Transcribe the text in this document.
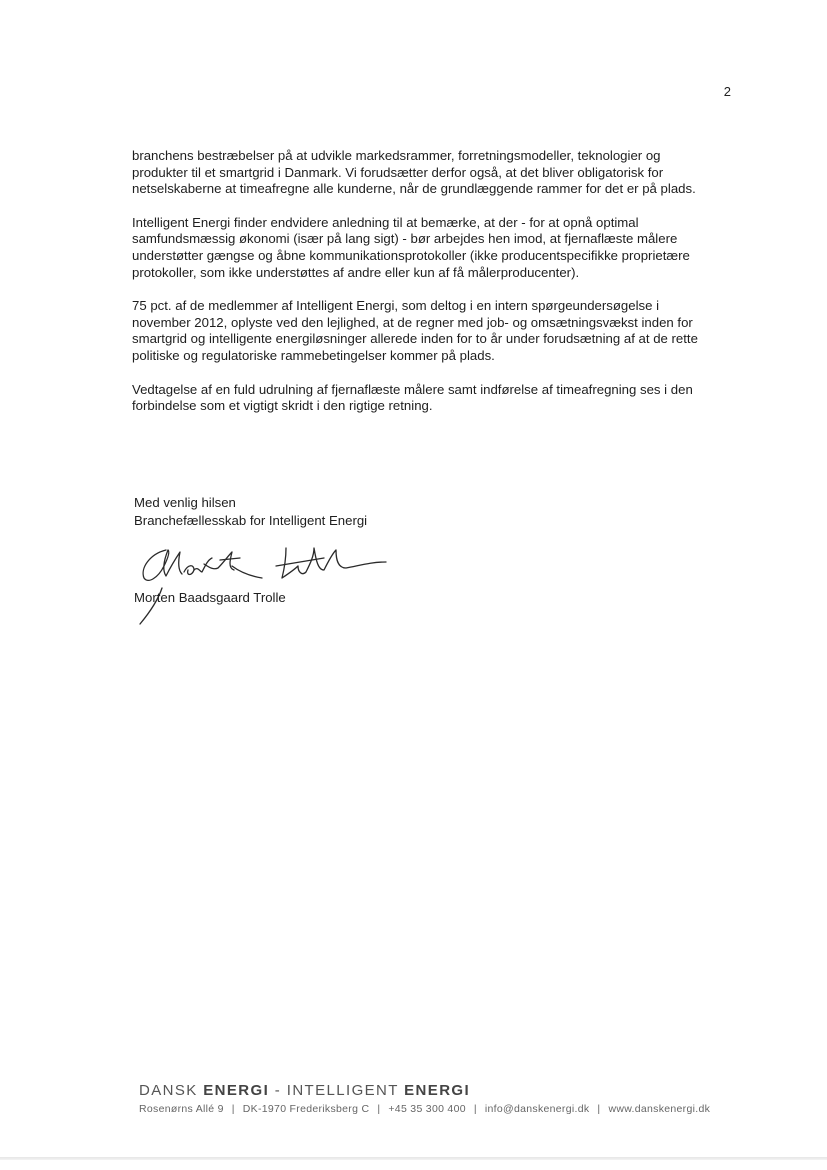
2

branchens bestræbelser på at udvikle markedsrammer, forretningsmodeller, teknologier og produkter til et smartgrid i Danmark. Vi forudsætter derfor også, at det bliver obligatorisk for netselskaberne at timeafregne alle kunderne, når de grundlæggende rammer for det er på plads.

Intelligent Energi finder endvidere anledning til at bemærke, at der - for at opnå optimal samfundsmæssig økonomi (især på lang sigt) - bør arbejdes hen imod, at fjernaflæste målere understøtter gængse og åbne kommunikationsprotokoller (ikke producentspecifikke proprietære protokoller, som ikke understøttes af andre eller kun af få målerproducenter).

75 pct. af de medlemmer af Intelligent Energi, som deltog i en intern spørgeundersøgelse i november 2012, oplyste ved den lejlighed, at de regner med job- og omsætningsvækst inden for smartgrid og intelligente energiløsninger allerede inden for to år under forudsætning af at de rette politiske og regulatoriske rammebetingelser kommer på plads.

Vedtagelse af en fuld udrulning af fjernaflæste målere samt indførelse af timeafregning ses i den forbindelse som et vigtigt skridt i den rigtige retning.

Med venlig hilsen
Branchefællesskab for Intelligent Energi
Morten Baadsgaard Trolle
DANSK ENERGI - INTELLIGENT ENERGI
Rosenørns Allé 9 | DK-1970 Frederiksberg C | +45 35 300 400 | info@danskenergi.dk | www.danskenergi.dk
